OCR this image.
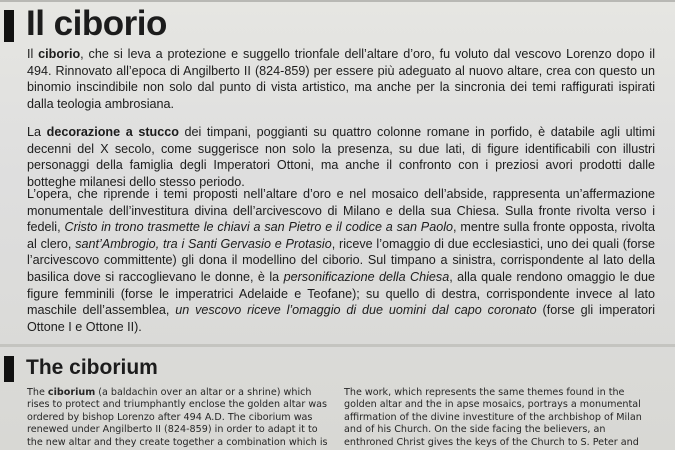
Il ciborio

Il ciborio, che si leva a protezione e suggello trionfale dell’altare d’oro, fu voluto dal vescovo Lorenzo dopo il 494. Rinnovato all’epoca di Angilberto II (824-859) per essere più adeguato al nuovo altare, crea con questo un binomio inscindibile non solo dal punto di vista artistico, ma anche per la sincronia dei temi raffigurati ispirati dalla teologia ambrosiana.

La decorazione a stucco dei timpani, poggianti su quattro colonne romane in porfido, è databile agli ultimi decenni del X secolo, come suggerisce non solo la presenza, su due lati, di figure identificabili con illustri personaggi della famiglia degli Imperatori Ottoni, ma anche il confronto con i preziosi avori prodotti dalle botteghe milanesi dello stesso periodo.

L’opera, che riprende i temi proposti nell’altare d’oro e nel mosaico dell’abside, rappresenta un’affermazione monumentale dell’investitura divina dell’arcivescovo di Milano e della sua Chiesa. Sulla fronte rivolta verso i fedeli, Cristo in trono trasmette le chiavi a san Pietro e il codice a san Paolo, mentre sulla fronte opposta, rivolta al clero, sant’Ambrogio, tra i Santi Gervasio e Protasio, riceve l’omaggio di due ecclesiastici, uno dei quali (forse l’arcivescovo committente) gli dona il modellino del ciborio. Sul timpano a sinistra, corrispondente al lato della basilica dove si raccoglievano le donne, è la personificazione della Chiesa, alla quale rendono omaggio le due figure femminili (forse le imperatrici Adelaide e Teofane); su quello di destra, corrispondente invece al lato maschile dell’assemblea, un vescovo riceve l’omaggio di due uomini dal capo coronato (forse gli imperatori Ottone I e Ottone II).

The ciborium

The ciborium (a baldachin over an altar or a shrine) which rises to protect and triumphantly enclose the golden altar was ordered by bishop Lorenzo after 494 A.D. The ciborium was renewed under Angilberto II (824-859) in order to adapt it to the new altar and they create together a combination which is

The work, which represents the same themes found in the golden altar and the in apse mosaics, portrays a monumental affirmation of the divine investiture of the archbishop of Milan and of his Church. On the side facing the believers, an enthroned Christ gives the keys of the Church to S. Peter and
